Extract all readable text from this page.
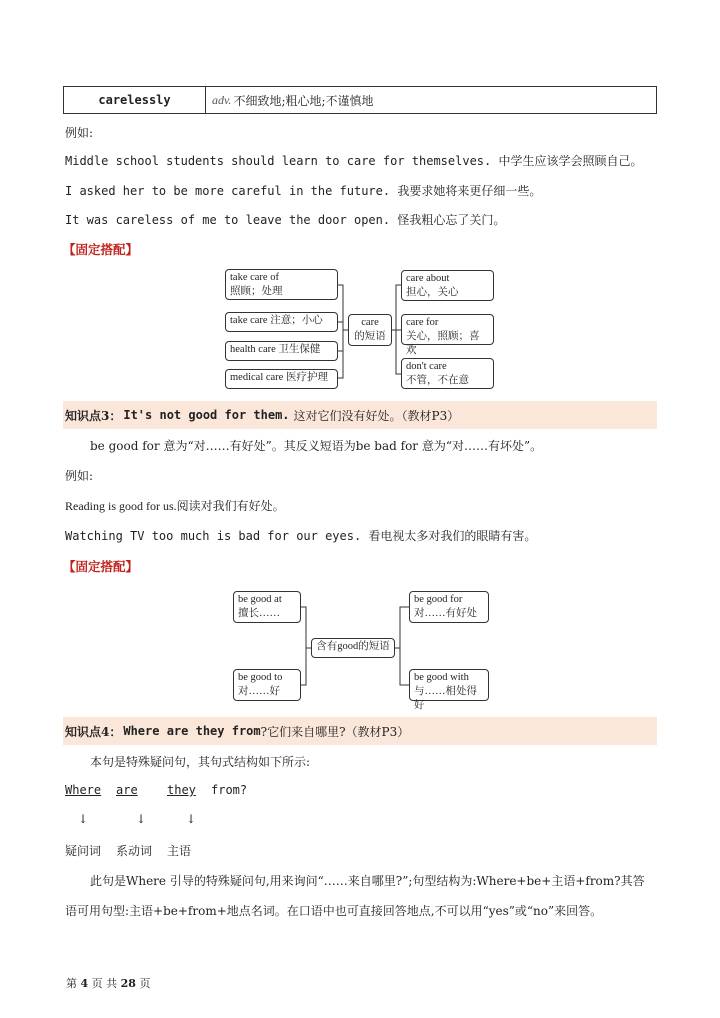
carelessly	adv. 不细致地;粗心地;不谨慎地
例如:
Middle school students should learn to care for themselves. 中学生应该学会照顾自己。
I asked her to be more careful in the future. 我要求她将来更仔细一些。
It was careless of me to leave the door open. 怪我粗心忘了关门。
【固定搭配】
take care of
照顾；处理
take care 注意；小心
health care 卫生保健
medical care 医疗护理
care
的短语
care about
担心，关心
care for
关心，照顾；喜欢
don't care
不管，不在意
知识点3： It's not good for them. 这对它们没有好处。（教材P3）
be good for 意为“对……有好处”。其反义短语为be bad for 意为“对……有坏处”。
例如:
Reading is good for us.阅读对我们有好处。
Watching TV too much is bad for our eyes. 看电视太多对我们的眼睛有害。
【固定搭配】
be good at
擅长……
be good to
对……好
含有good的短语
be good for
对……有好处
be good with
与……相处得好
知识点4： Where are they from ?它们来自哪里?（教材P3）
本句是特殊疑问句，其句式结构如下所示:
Where are they from?
↓	↓	↓
疑问词 系动词 主语
此句是Where 引导的特殊疑问句,用来询问“……来自哪里?”;句型结构为:Where+be+主语+from?其答
语可用句型:主语+be+from+地点名词。在口语中也可直接回答地点,不可以用“yes”或“no”来回答。
第 4 页 共 28 页
